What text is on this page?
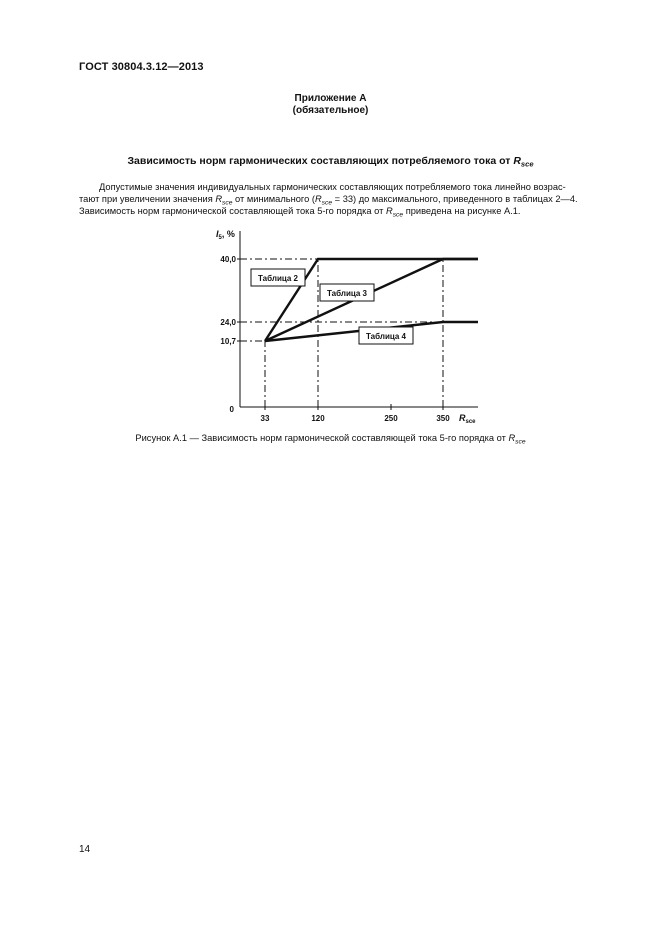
ГОСТ 30804.3.12—2013
Приложение А
(обязательное)
Зависимость норм гармонических составляющих потребляемого тока от $R_{sce}$
Допустимые значения индивидуальных гармонических составляющих потребляемого тока линейно возрас-
тают при увеличении значения $R_{sce}$ от минимального $(R_{sce} = 33)$ до максимального, приведенного в таблицах 2—4.
Зависимость норм гармонической составляющей тока 5-го порядка от $R_{sce}$ приведена на рисунке А.1.
33	120	250	350
10,7
24,0
40,0
0
$I_5$, %
$R_{sce}$
Таблица 2
Таблица 3
Таблица 4
Рисунок А.1 — Зависимость норм гармонической составляющей тока 5-го порядка от $R_{sce}$
14
